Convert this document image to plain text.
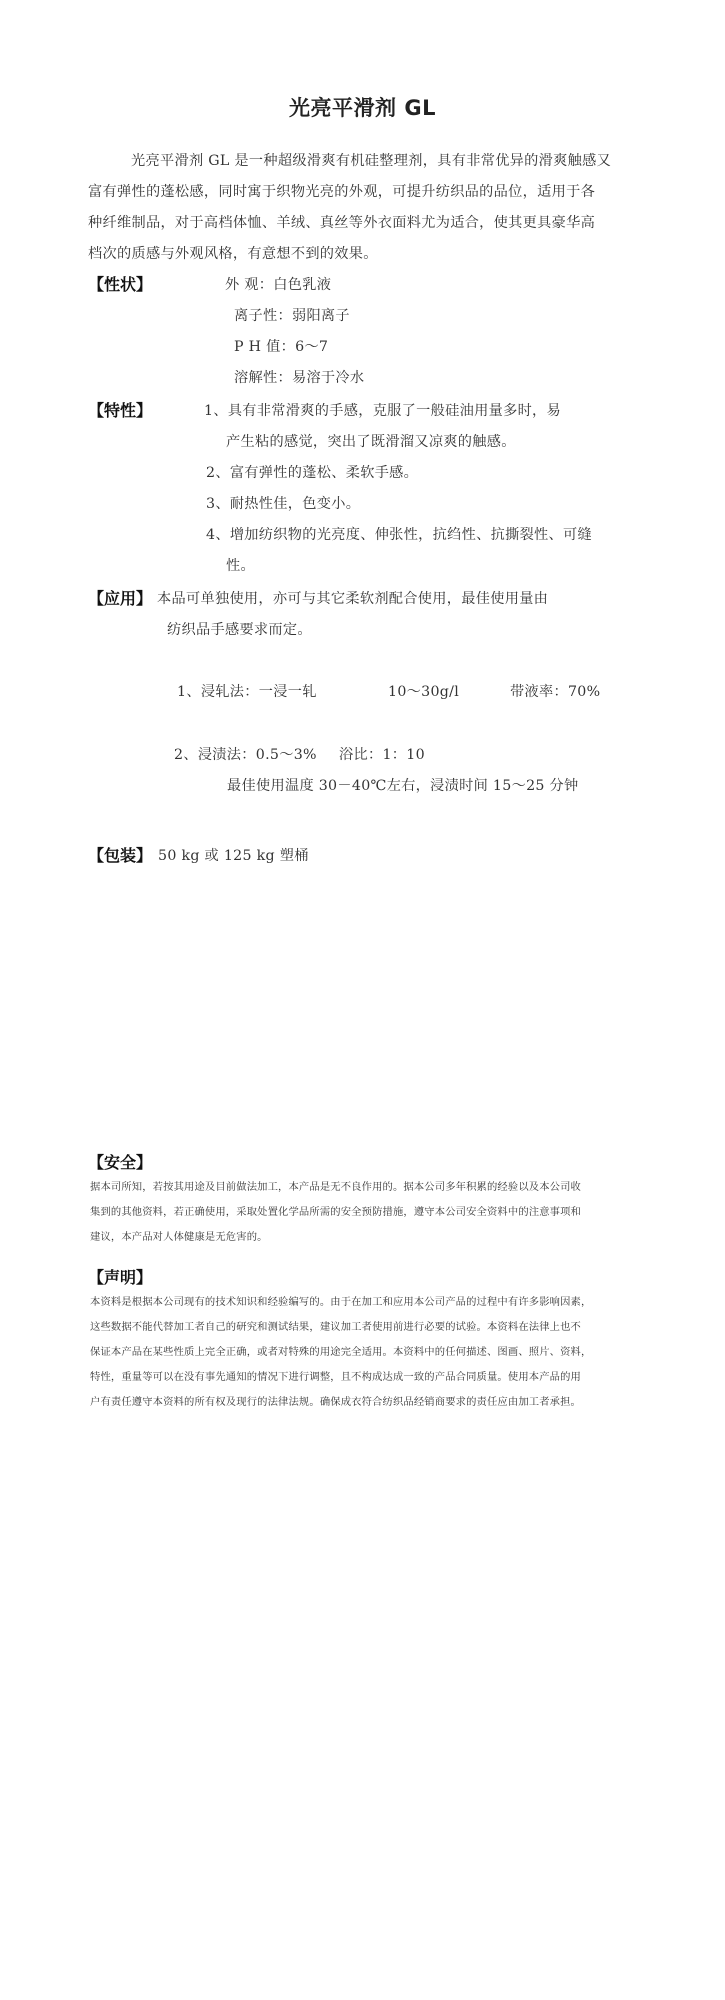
光亮平滑剂 GL
光亮平滑剂 GL 是一种超级滑爽有机硅整理剂，具有非常优异的滑爽触感又
富有弹性的蓬松感，同时寓于织物光亮的外观，可提升纺织品的品位，适用于各
种纤维制品，对于高档体恤、羊绒、真丝等外衣面料尤为适合，使其更具豪华高
档次的质感与外观风格，有意想不到的效果。
【性状】	外 观：白色乳液
离子性：弱阳离子
P H 值：6～7
溶解性：易溶于冷水
【特性】	1、具有非常滑爽的手感，克服了一般硅油用量多时，易
产生粘的感觉，突出了既滑溜又凉爽的触感。
2、富有弹性的蓬松、柔软手感。
3、耐热性佳，色变小。
4、增加纺织物的光亮度、伸张性，抗绉性、抗撕裂性、可缝
性。
【应用】 本品可单独使用，亦可与其它柔软剂配合使用，最佳使用量由
纺织品手感要求而定。
1、浸轧法：一浸一轧	10～30g/l	带液率：70%
2、浸渍法：0.5～3% 浴比：1：10
最佳使用温度 30－40℃左右，浸渍时间 15～25 分钟
【包装】 50 kg 或 125 kg 塑桶
【安全】
据本司所知，若按其用途及目前做法加工，本产品是无不良作用的。据本公司多年积累的经验以及本公司收
集到的其他资料，若正确使用，采取处置化学品所需的安全预防措施，遵守本公司安全资料中的注意事项和
建议，本产品对人体健康是无危害的。
【声明】
本资料是根据本公司现有的技术知识和经验编写的。由于在加工和应用本公司产品的过程中有许多影响因素，
这些数据不能代替加工者自己的研究和测试结果，建议加工者使用前进行必要的试验。本资料在法律上也不
保证本产品在某些性质上完全正确，或者对特殊的用途完全适用。本资料中的任何描述、图画、照片、资料，
特性，重量等可以在没有事先通知的情况下进行调整，且不构成达成一致的产品合同质量。使用本产品的用
户有责任遵守本资料的所有权及现行的法律法规。确保成衣符合纺织品经销商要求的责任应由加工者承担。
